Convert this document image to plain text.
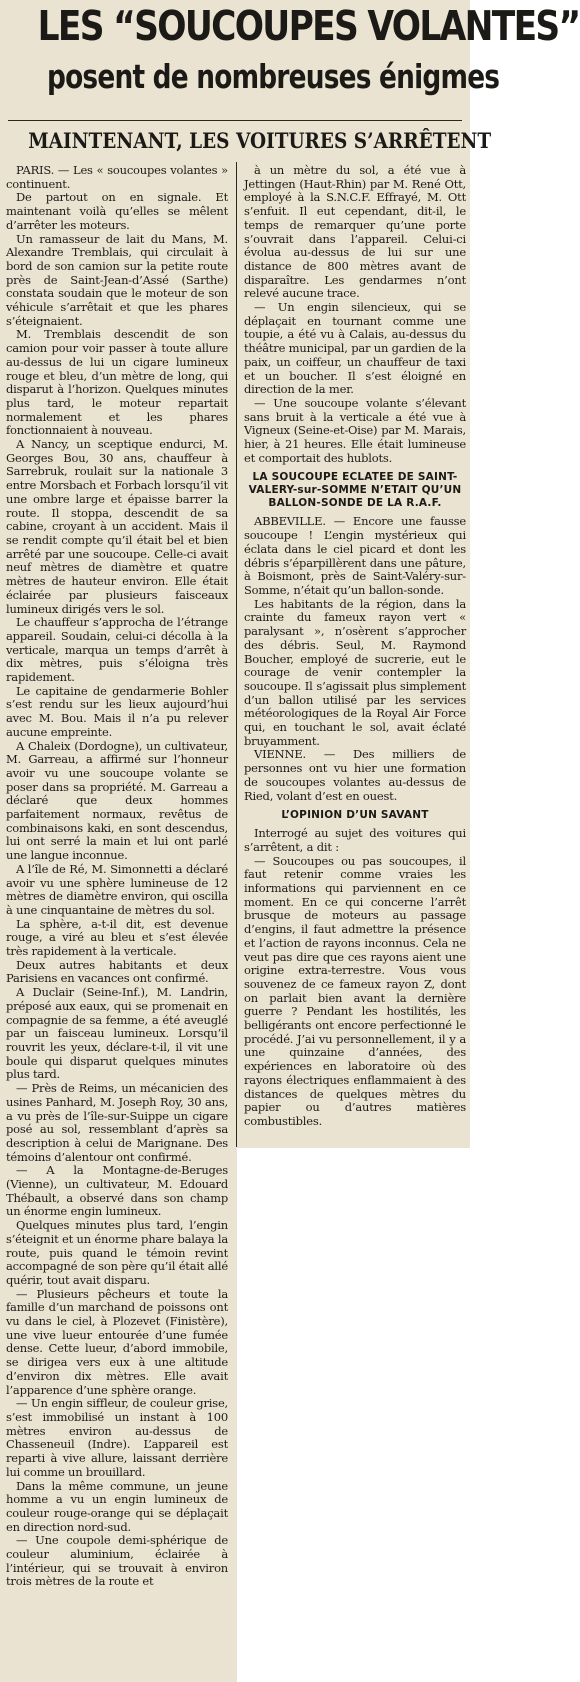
LES “SOUCOUPES VOLANTES”
posent de nombreuses énigmes
MAINTENANT, LES VOITURES S’ARRÊTENT

PARIS. — Les « soucoupes volantes » continuent.

De partout on en signale. Et maintenant voilà qu’elles se mêlent d’arrêter les moteurs.

Un ramasseur de lait du Mans, M. Alexandre Tremblais, qui circulait à bord de son camion sur la petite route près de Saint-Jean-d’Assé (Sarthe) constata soudain que le moteur de son véhicule s’arrêtait et que les phares s’éteignaient.

M. Tremblais descendit de son camion pour voir passer à toute allure au-dessus de lui un cigare lumineux rouge et bleu, d’un mètre de long, qui disparut à l’horizon. Quelques minutes plus tard, le moteur repartait normalement et les phares fonctionnaient à nouveau.

A Nancy, un sceptique endurci, M. Georges Bou, 30 ans, chauffeur à Sarrebruk, roulait sur la nationale 3 entre Morsbach et Forbach lorsqu’il vit une ombre large et épaisse barrer la route. Il stoppa, descendit de sa cabine, croyant à un accident. Mais il se rendit compte qu’il était bel et bien arrêté par une soucoupe. Celle-ci avait neuf mètres de diamètre et quatre mètres de hauteur environ. Elle était éclairée par plusieurs faisceaux lumineux dirigés vers le sol.

Le chauffeur s’approcha de l’étrange appareil. Soudain, celui-ci décolla à la verticale, marqua un temps d’arrêt à dix mètres, puis s’éloigna très rapidement.

Le capitaine de gendarmerie Bohler s’est rendu sur les lieux aujourd’hui avec M. Bou. Mais il n’a pu relever aucune empreinte.

A Chaleix (Dordogne), un cultivateur, M. Garreau, a affirmé sur l’honneur avoir vu une soucoupe volante se poser dans sa propriété. M. Garreau a déclaré que deux hommes parfaitement normaux, revêtus de combinaisons kaki, en sont descendus, lui ont serré la main et lui ont parlé une langue inconnue.

A l’île de Ré, M. Simonnetti a déclaré avoir vu une sphère lumineuse de 12 mètres de diamètre environ, qui oscilla à une cinquantaine de mètres du sol.

La sphère, a-t-il dit, est devenue rouge, a viré au bleu et s’est élevée très rapidement à la verticale.

Deux autres habitants et deux Parisiens en vacances ont confirmé.

A Duclair (Seine-Inf.), M. Landrin, préposé aux eaux, qui se promenait en compagnie de sa femme, a été aveuglé par un faisceau lumineux. Lorsqu’il rouvrit les yeux, déclare-t-il, il vit une boule qui disparut quelques minutes plus tard.

— Près de Reims, un mécanicien des usines Panhard, M. Joseph Roy, 30 ans, a vu près de l’île-sur-Suippe un cigare posé au sol, ressemblant d’après sa description à celui de Marignane. Des témoins d’alentour ont confirmé.

— A la Montagne-de-Beruges (Vienne), un cultivateur, M. Edouard Thébault, a observé dans son champ un énorme engin lumineux.

Quelques minutes plus tard, l’engin s’éteignit et un énorme phare balaya la route, puis quand le témoin revint accompagné de son père qu’il était allé quérir, tout avait disparu.

— Plusieurs pêcheurs et toute la famille d’un marchand de poissons ont vu dans le ciel, à Plozevet (Finistère), une vive lueur entourée d’une fumée dense. Cette lueur, d’abord immobile, se dirigea vers eux à une altitude d’environ dix mètres. Elle avait l’apparence d’une sphère orange.

— Un engin siffleur, de couleur grise, s’est immobilisé un instant à 100 mètres environ au-dessus de Chasseneuil (Indre). L’appareil est reparti à vive allure, laissant derrière lui comme un brouillard.

Dans la même commune, un jeune homme a vu un engin lumineux de couleur rouge-orange qui se déplaçait en direction nord-sud.

— Une coupole demi-sphérique de couleur aluminium, éclairée à l’intérieur, qui se trouvait à environ trois mètres de la route et

à un mètre du sol, a été vue à Jettingen (Haut-Rhin) par M. René Ott, employé à la S.N.C.F. Effrayé, M. Ott s’enfuit. Il eut cependant, dit-il, le temps de remarquer qu’une porte s’ouvrait dans l’appareil. Celui-ci évolua au-dessus de lui sur une distance de 800 mètres avant de disparaître. Les gendarmes n’ont relevé aucune trace.

— Un engin silencieux, qui se déplaçait en tournant comme une toupie, a été vu à Calais, au-dessus du théâtre municipal, par un gardien de la paix, un coiffeur, un chauffeur de taxi et un boucher. Il s’est éloigné en direction de la mer.

— Une soucoupe volante s’élevant sans bruit à la verticale a été vue à Vigneux (Seine-et-Oise) par M. Marais, hier, à 21 heures. Elle était lumineuse et comportait des hublots.

LA SOUCOUPE ECLATEE DE SAINT-VALERY-sur-SOMME N’ETAIT QU’UN BALLON-SONDE DE LA R.A.F.

ABBEVILLE. — Encore une fausse soucoupe ! L’engin mystérieux qui éclata dans le ciel picard et dont les débris s’éparpillèrent dans une pâture, à Boismont, près de Saint-Valéry-sur-Somme, n’était qu’un ballon-sonde.

Les habitants de la région, dans la crainte du fameux rayon vert « paralysant », n’osèrent s’approcher des débris. Seul, M. Raymond Boucher, employé de sucrerie, eut le courage de venir contempler la soucoupe. Il s’agissait plus simplement d’un ballon utilisé par les services météorologiques de la Royal Air Force qui, en touchant le sol, avait éclaté bruyamment.

VIENNE. — Des milliers de personnes ont vu hier une formation de soucoupes volantes au-dessus de Ried, volant d’est en ouest.

L’OPINION D’UN SAVANT

Interrogé au sujet des voitures qui s’arrêtent, a dit :

— Soucoupes ou pas soucoupes, il faut retenir comme vraies les informations qui parviennent en ce moment. En ce qui concerne l’arrêt brusque de moteurs au passage d’engins, il faut admettre la présence et l’action de rayons inconnus. Cela ne veut pas dire que ces rayons aient une origine extra-terrestre. Vous vous souvenez de ce fameux rayon Z, dont on parlait bien avant la dernière guerre ? Pendant les hostilités, les belligérants ont encore perfectionné le procédé. J’ai vu personnellement, il y a une quinzaine d’années, des expériences en laboratoire où des rayons électriques enflammaient à des distances de quelques mètres du papier ou d’autres matières combustibles.
